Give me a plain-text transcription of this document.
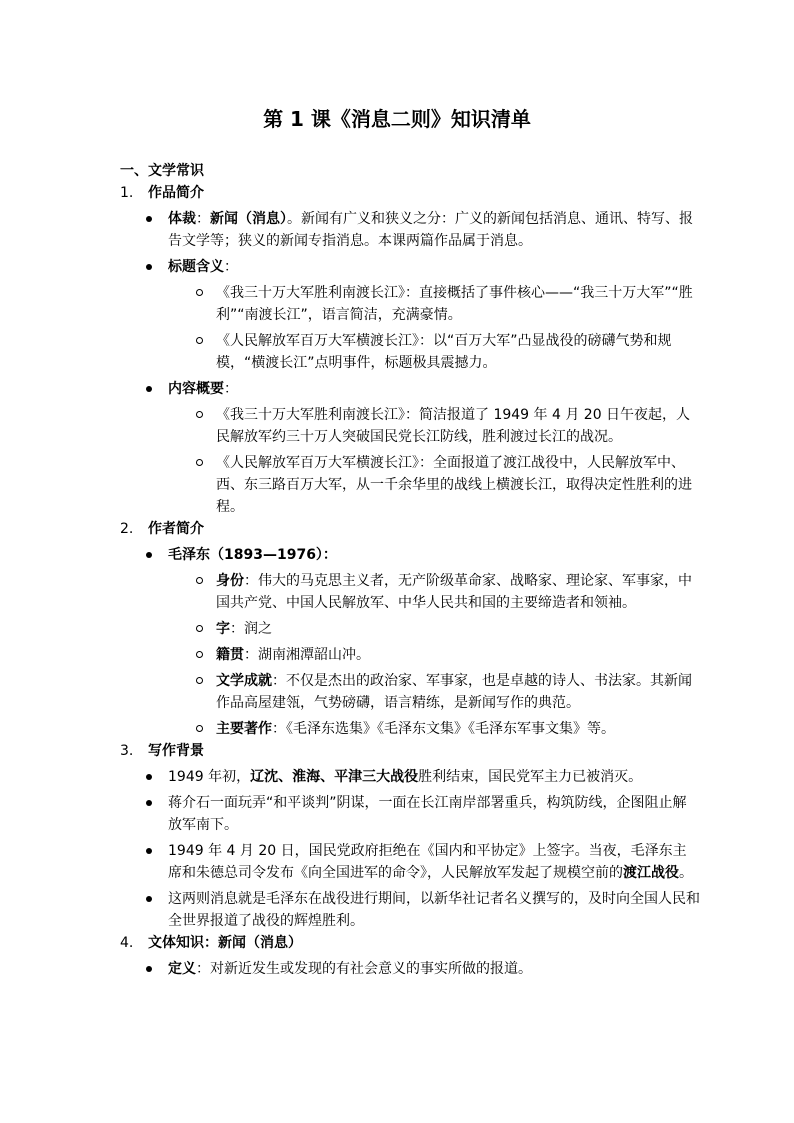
第 1 课《消息二则》知识清单
一、文学常识
1. 作品简介
体裁：新闻（消息）。新闻有广义和狭义之分：广义的新闻包括消息、通讯、特写、报告文学等；狭义的新闻专指消息。本课两篇作品属于消息。
标题含义：
《我三十万大军胜利南渡长江》：直接概括了事件核心——“我三十万大军”“胜利”“南渡长江”，语言简洁，充满豪情。
《人民解放军百万大军横渡长江》：以“百万大军”凸显战役的磅礴气势和规模，“横渡长江”点明事件，标题极具震撼力。
内容概要：
《我三十万大军胜利南渡长江》：简洁报道了 1949 年 4 月 20 日午夜起，人民解放军约三十万人突破国民党长江防线，胜利渡过长江的战况。
《人民解放军百万大军横渡长江》：全面报道了渡江战役中，人民解放军中、西、东三路百万大军，从一千余华里的战线上横渡长江，取得决定性胜利的进程。
2. 作者简介
毛泽东（1893—1976）：
身份：伟大的马克思主义者，无产阶级革命家、战略家、理论家、军事家，中国共产党、中国人民解放军、中华人民共和国的主要缔造者和领袖。
字：润之
籍贯：湖南湘潭韶山冲。
文学成就：不仅是杰出的政治家、军事家，也是卓越的诗人、书法家。其新闻作品高屋建瓴，气势磅礴，语言精练，是新闻写作的典范。
主要著作：《毛泽东选集》《毛泽东文集》《毛泽东军事文集》等。
3. 写作背景
1949 年初，辽沈、淮海、平津三大战役胜利结束，国民党军主力已被消灭。
蒋介石一面玩弄“和平谈判”阴谋，一面在长江南岸部署重兵，构筑防线，企图阻止解放军南下。
1949 年 4 月 20 日，国民党政府拒绝在《国内和平协定》上签字。当夜，毛泽东主席和朱德总司令发布《向全国进军的命令》，人民解放军发起了规模空前的渡江战役。
这两则消息就是毛泽东在战役进行期间，以新华社记者名义撰写的，及时向全国人民和全世界报道了战役的辉煌胜利。
4. 文体知识：新闻（消息）
定义：对新近发生或发现的有社会意义的事实所做的报道。
